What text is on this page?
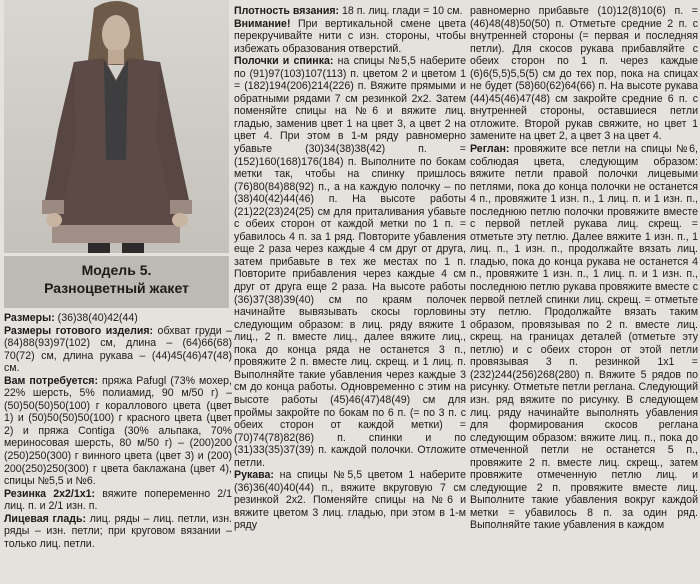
Модель 5.
Разноцветный жакет

Размеры: (36)38(40)42(44)

Размеры готового изделия: обхват груди – (84)88(93)97(102) см, длина – (64)66(68) 70(72) см, длина рукава – (44)45(46)47(48) см.

Вам потребуется: пряжа Pafugl (73% мохер, 22% шерсть, 5% полиамид, 90 м/50 г) – (50)50(50)50(100) г кораллового цвета (цвет 1) и (50)50(50)50(100) г красного цвета (цвет 2) и пряжа Contiga (30% альпака, 70% мериносовая шерсть, 80 м/50 г) – (200)200 (250)250(300) г винного цвета (цвет 3) и (200) 200(250)250(300) г цвета баклажана (цвет 4), спицы №5,5 и №6.

Резинка 2х2/1х1: вяжите попеременно 2/1 лиц. п. и 2/1 изн. п.

Лицевая гладь: лиц. ряды – лиц. петли, изн. ряды – изн. петли; при круговом вязании – только лиц. петли.

Плотность вязания: 18 п. лиц. глади = 10 см.

Внимание! При вертикальной смене цвета перекручивайте нити с изн. стороны, чтобы избежать образования отверстий.

Полочки и спинка: на спицы №5,5 наберите по (91)97(103)107(113) п. цветом 2 и цветом 1 = (182)194(206)214(226) п. Вяжите прямыми и обратными рядами 7 см резинкой 2х2. Затем поменяйте спицы на №6 и вяжите лиц. гладью, заменив цвет 1 на цвет 3, а цвет 2 на цвет 4. При этом в 1-м ряду равномерно убавьте (30)34(38)38(42) п. = (152)160(168)176(184) п. Выполните по бокам метки так, чтобы на спинку пришлось (76)80(84)88(92) п., а на каждую полочку – по (38)40(42)44(46) п. На высоте работы (21)22(23)24(25) см для приталивания убавьте с обеих сторон от каждой метки по 1 п. = убавилось 4 п. за 1 ряд. Повторите убавления еще 2 раза через каждые 4 см друг от друга, затем прибавьте в тех же местах по 1 п. Повторите прибавления через каждые 4 см друг от друга еще 2 раза. На высоте работы (36)37(38)39(40) см по краям полочек начинайте вывязывать скосы горловины следующим образом: в лиц. ряду вяжите 1 лиц., 2 п. вместе лиц., далее вяжите лиц., пока до конца ряда не останется 3 п., провяжите 2 п. вместе лиц. скрещ. и 1 лиц. п. Выполняйте такие убавления через каждые 3 см до конца работы. Одновременно с этим на высоте работы (45)46(47)48(49) см для проймы закройте по бокам по 6 п. (= по 3 п. с обеих сторон от каждой метки) = (70)74(78)82(86) п. спинки и по (31)33(35)37(39) п. каждой полочки. Отложите петли.

Рукава: на спицы №5,5 цветом 1 наберите (36)36(40)40(44) п., вяжите вкруговую 7 см резинкой 2х2. Поменяйте спицы на №6 и вяжите цветом 3 лиц. гладью, при этом в 1-м ряду

равномерно прибавьте (10)12(8)10(6) п. = (46)48(48)50(50) п. Отметьте средние 2 п. с внутренней стороны (= первая и последняя петли). Для скосов рукава прибавляйте с обеих сторон по 1 п. через каждые (6)6(5,5)5,5(5) см до тех пор, пока на спицах не будет (58)60(62)64(66) п. На высоте рукава (44)45(46)47(48) см закройте средние 6 п. с внутренней стороны, оставшиеся петли отложите. Второй рукав свяжите, но цвет 1 замените на цвет 2, а цвет 3 на цвет 4.

Реглан: провяжите все петли на спицы №6, соблюдая цвета, следующим образом: вяжите петли правой полочки лицевыми петлями, пока до конца полочки не останется 4 п., провяжите 1 изн. п., 1 лиц. п. и 1 изн. п., последнюю петлю полочки провяжите вместе с первой петлей рукава лиц. скрещ. = отметьте эту петлю. Далее вяжите 1 изн. п., 1 лиц. п., 1 изн. п., продолжайте вязать лиц. гладью, пока до конца рукава не останется 4 п., провяжите 1 изн. п., 1 лиц. п. и 1 изн. п., последнюю петлю рукава провяжите вместе с первой петлей спинки лиц. скрещ. = отметьте эту петлю. Продолжайте вязать таким образом, провязывая по 2 п. вместе лиц. скрещ. на границах деталей (отметьте эту петлю) и с обеих сторон от этой петли провязывая 3 п. резинкой 1х1 = (232)244(256)268(280) п. Вяжите 5 рядов по рисунку. Отметьте петли реглана. Следующий изн. ряд вяжите по рисунку. В следующем лиц. ряду начинайте выполнять убавления для формирования скосов реглана следующим образом: вяжите лиц. п., пока до отмеченной петли не останется 5 п., провяжите 2 п. вместе лиц. скрещ., затем провяжите отмеченную петлю лиц. и следующие 2 п. провяжите вместе лиц. Выполните такие убавления вокруг каждой метки = убавилось 8 п. за один ряд. Выполняйте такие убавления в каждом
